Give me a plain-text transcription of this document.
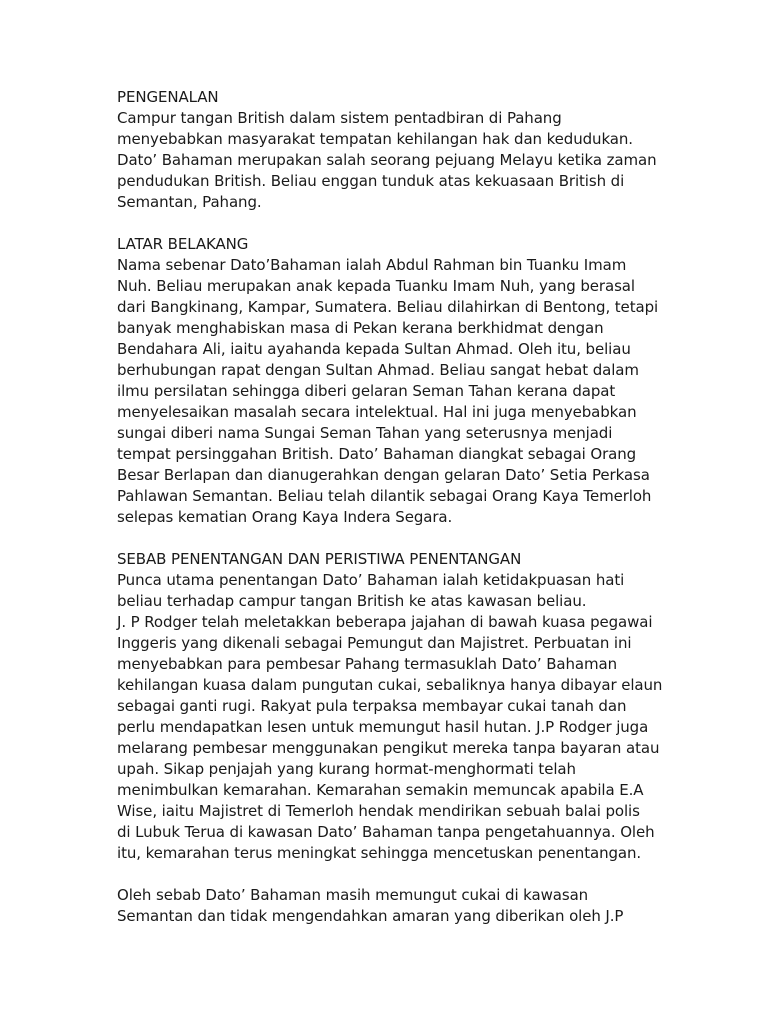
PENGENALAN
Campur tangan British dalam sistem pentadbiran di Pahang
menyebabkan masyarakat tempatan kehilangan hak dan kedudukan.
Dato’ Bahaman merupakan salah seorang pejuang Melayu ketika zaman
pendudukan British. Beliau enggan tunduk atas kekuasaan British di
Semantan, Pahang.
LATAR BELAKANG
Nama sebenar Dato’Bahaman ialah Abdul Rahman bin Tuanku Imam
Nuh. Beliau merupakan anak kepada Tuanku Imam Nuh, yang berasal
dari Bangkinang, Kampar, Sumatera. Beliau dilahirkan di Bentong, tetapi
banyak menghabiskan masa di Pekan kerana berkhidmat dengan
Bendahara Ali, iaitu ayahanda kepada Sultan Ahmad. Oleh itu, beliau
berhubungan rapat dengan Sultan Ahmad. Beliau sangat hebat dalam
ilmu persilatan sehingga diberi gelaran Seman Tahan kerana dapat
menyelesaikan masalah secara intelektual. Hal ini juga menyebabkan
sungai diberi nama Sungai Seman Tahan yang seterusnya menjadi
tempat persinggahan British. Dato’ Bahaman diangkat sebagai Orang
Besar Berlapan dan dianugerahkan dengan gelaran Dato’ Setia Perkasa
Pahlawan Semantan. Beliau telah dilantik sebagai Orang Kaya Temerloh
selepas kematian Orang Kaya Indera Segara.
SEBAB PENENTANGAN DAN PERISTIWA PENENTANGAN
Punca utama penentangan Dato’ Bahaman ialah ketidakpuasan hati
beliau terhadap campur tangan British ke atas kawasan beliau.
J. P Rodger telah meletakkan beberapa jajahan di bawah kuasa pegawai
Inggeris yang dikenali sebagai Pemungut dan Majistret. Perbuatan ini
menyebabkan para pembesar Pahang termasuklah Dato’ Bahaman
kehilangan kuasa dalam pungutan cukai, sebaliknya hanya dibayar elaun
sebagai ganti rugi. Rakyat pula terpaksa membayar cukai tanah dan
perlu mendapatkan lesen untuk memungut hasil hutan. J.P Rodger juga
melarang pembesar menggunakan pengikut mereka tanpa bayaran atau
upah. Sikap penjajah yang kurang hormat-menghormati telah
menimbulkan kemarahan. Kemarahan semakin memuncak apabila E.A
Wise, iaitu Majistret di Temerloh hendak mendirikan sebuah balai polis
di Lubuk Terua di kawasan Dato’ Bahaman tanpa pengetahuannya. Oleh
itu, kemarahan terus meningkat sehingga mencetuskan penentangan.
Oleh sebab Dato’ Bahaman masih memungut cukai di kawasan
Semantan dan tidak mengendahkan amaran yang diberikan oleh J.P
